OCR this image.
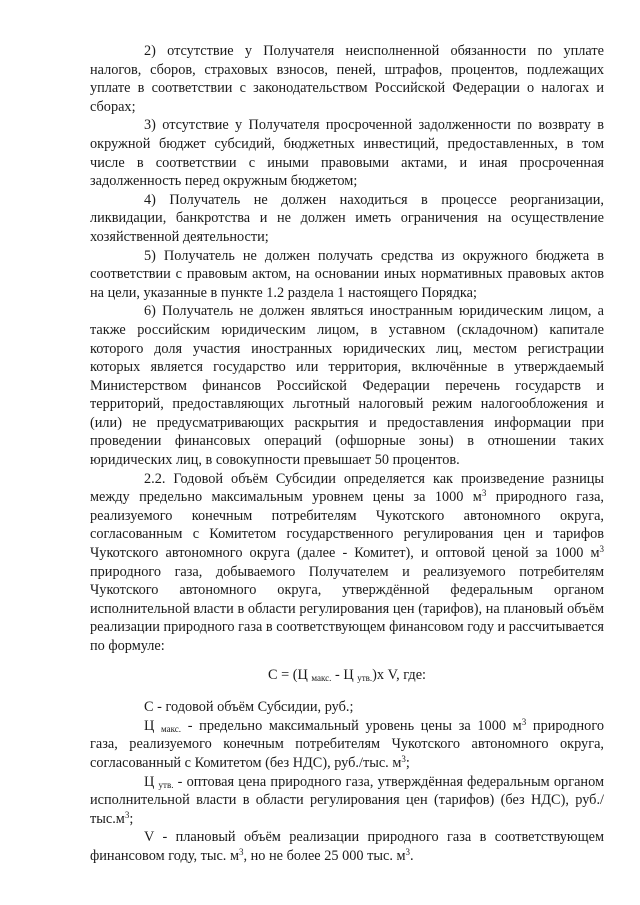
2) отсутствие у Получателя неисполненной обязанности по уплате налогов, сборов, страховых взносов, пеней, штрафов, процентов, подлежащих уплате в соответствии с законодательством Российской Федерации о налогах и сборах;

3) отсутствие у Получателя просроченной задолженности по возврату в окружной бюджет субсидий, бюджетных инвестиций, предоставленных, в том числе в соответствии с иными правовыми актами, и иная просроченная задолженность перед окружным бюджетом;

4) Получатель не должен находиться в процессе реорганизации, ликвидации, банкротства и не должен иметь ограничения на осуществление хозяйственной деятельности;

5) Получатель не должен получать средства из окружного бюджета в соответствии с правовым актом, на основании иных нормативных правовых актов на цели, указанные в пункте 1.2 раздела 1 настоящего Порядка;

6) Получатель не должен являться иностранным юридическим лицом, а также российским юридическим лицом, в уставном (складочном) капитале которого доля участия иностранных юридических лиц, местом регистрации которых является государство или территория, включённые в утверждаемый Министерством финансов Российской Федерации перечень государств и территорий, предоставляющих льготный налоговый режим налогообложения и (или) не предусматривающих раскрытия и предоставления информации при проведении финансовых операций (офшорные зоны) в отношении таких юридических лиц, в совокупности превышает 50 процентов.

2.2. Годовой объём Субсидии определяется как произведение разницы между предельно максимальным уровнем цены за 1000 $м^3$ природного газа, реализуемого конечным потребителям Чукотского автономного округа, согласованным с Комитетом государственного регулирования цен и тарифов Чукотского автономного округа (далее - Комитет), и оптовой ценой за 1000 $м^3$ природного газа, добываемого Получателем и реализуемого потребителям Чукотского автономного округа, утверждённой федеральным органом исполнительной власти в области регулирования цен (тарифов), на плановый объём реализации природного газа в соответствующем финансовом году и рассчитывается по формуле:

С = (Ц $_{макс.}$ - Ц $_{утв.}$)х V, где:

С - годовой объём Субсидии, руб.;

Ц $_{макс.}$ - предельно максимальный уровень цены за 1000 $м^3$ природного газа, реализуемого конечным потребителям Чукотского автономного округа, согласованный с Комитетом (без НДС), руб./тыс. $м^3$;

Ц $_{утв.}$ - оптовая цена природного газа, утверждённая федеральным органом исполнительной власти в области регулирования цен (тарифов) (без НДС), $руб./тыс.м^3$;

V - плановый объём реализации природного газа в соответствующем финансовом году, тыс. $м^3$, но не более 25 000 тыс. $м^3$.
